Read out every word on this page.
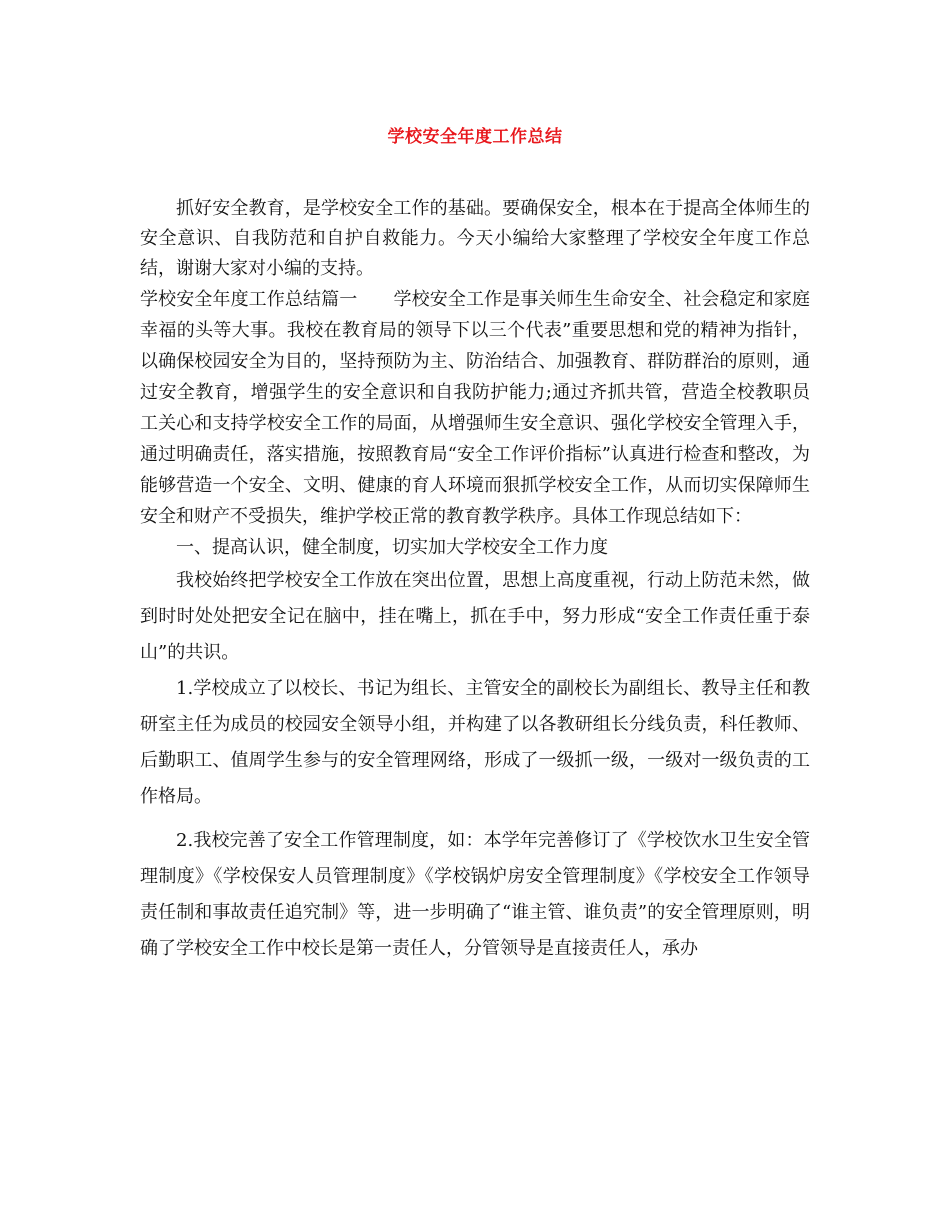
学校安全年度工作总结

抓好安全教育，是学校安全工作的基础。要确保安全，根本在于提高全体师生的安全意识、自我防范和自护自救能力。今天小编给大家整理了学校安全年度工作总结，谢谢大家对小编的支持。

学校安全年度工作总结篇一 学校安全工作是事关师生生命安全、社会稳定和家庭幸福的头等大事。我校在教育局的领导下以三个代表”重要思想和党的精神为指针，以确保校园安全为目的，坚持预防为主、防治结合、加强教育、群防群治的原则，通过安全教育，增强学生的安全意识和自我防护能力;通过齐抓共管，营造全校教职员工关心和支持学校安全工作的局面，从增强师生安全意识、强化学校安全管理入手，通过明确责任，落实措施，按照教育局“安全工作评价指标”认真进行检查和整改，为能够营造一个安全、文明、健康的育人环境而狠抓学校安全工作，从而切实保障师生安全和财产不受损失，维护学校正常的教育教学秩序。具体工作现总结如下：

一、提高认识，健全制度，切实加大学校安全工作力度

我校始终把学校安全工作放在突出位置，思想上高度重视，行动上防范未然，做到时时处处把安全记在脑中，挂在嘴上，抓在手中，努力形成“安全工作责任重于泰山”的共识。

1.学校成立了以校长、书记为组长、主管安全的副校长为副组长、教导主任和教研室主任为成员的校园安全领导小组，并构建了以各教研组长分线负责，科任教师、后勤职工、值周学生参与的安全管理网络，形成了一级抓一级，一级对一级负责的工作格局。

2.我校完善了安全工作管理制度，如：本学年完善修订了《学校饮水卫生安全管理制度》《学校保安人员管理制度》《学校锅炉房安全管理制度》《学校安全工作领导责任制和事故责任追究制》等，进一步明确了“谁主管、谁负责”的安全管理原则，明确了学校安全工作中校长是第一责任人，分管领导是直接责任人，承办
